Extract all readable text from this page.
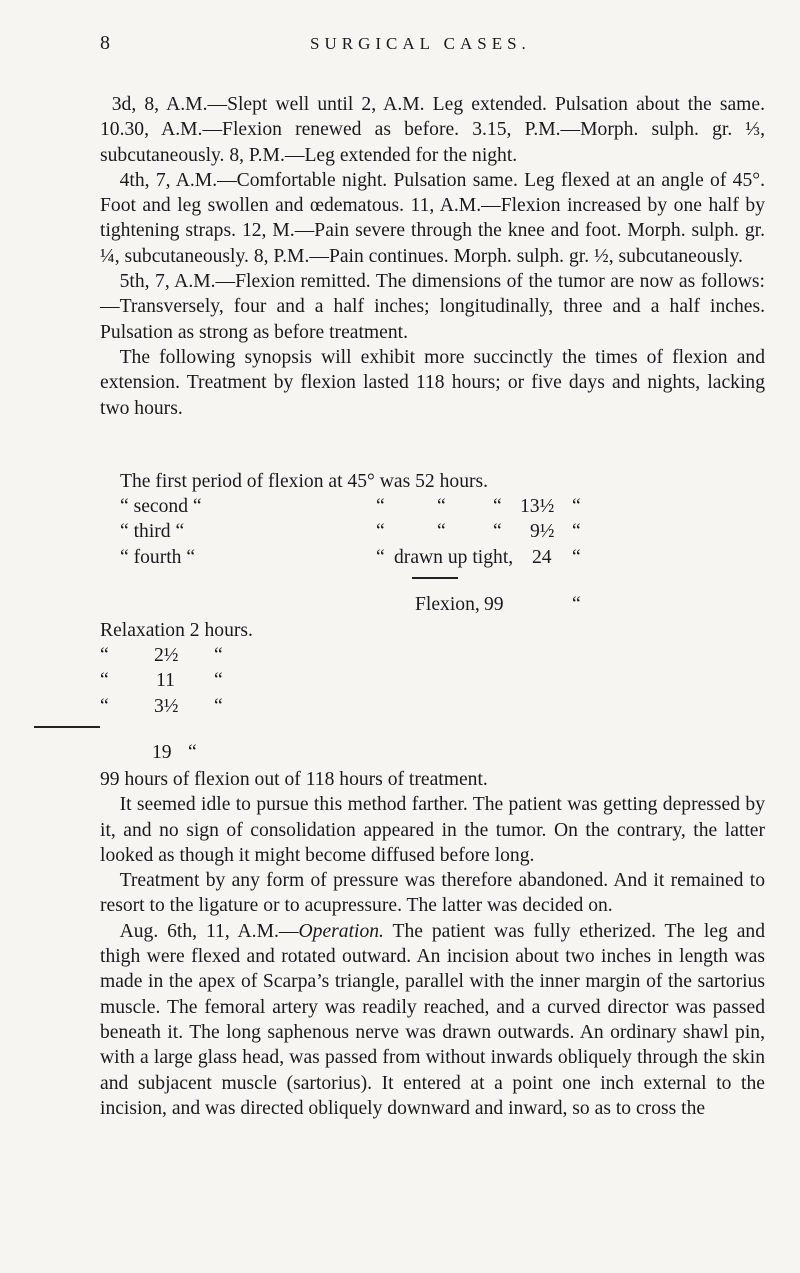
8	SURGICAL CASES.

3d, 8, A.M.—Slept well until 2, A.M. Leg extended. Pulsation about the same. 10.30, A.M.—Flexion renewed as before. 3.15, P.M.—Morph. sulph. gr. ⅓, subcutaneously. 8, P.M.—Leg extended for the night.

4th, 7, A.M.—Comfortable night. Pulsation same. Leg flexed at an angle of 45°. Foot and leg swollen and œdematous. 11, A.M.—Flexion increased by one half by tightening straps. 12, M.—Pain severe through the knee and foot. Morph. sulph. gr. ¼, subcutaneously. 8, P.M.—Pain continues. Morph. sulph. gr. ½, subcutaneously.

5th, 7, A.M.—Flexion remitted. The dimensions of the tumor are now as follows:—Transversely, four and a half inches; longitudinally, three and a half inches. Pulsation as strong as before treatment.

The following synopsis will exhibit more succinctly the times of flexion and extension. Treatment by flexion lasted 118 hours; or five days and nights, lacking two hours.

The first period of flexion at 45° was 52 hours.
“ second “	“	“ “ 13½ “
“ third “	“	“ “ 9½ “
“ fourth “	“ drawn up tight, 24 “
Flexion, 99	“
Relaxation 2 hours.
“ 2½ “
“ 11 “
“ 3½ “
19 “

99 hours of flexion out of 118 hours of treatment.

It seemed idle to pursue this method farther. The patient was getting depressed by it, and no sign of consolidation appeared in the tumor. On the contrary, the latter looked as though it might become diffused before long.

Treatment by any form of pressure was therefore abandoned. And it remained to resort to the ligature or to acupressure. The latter was decided on.

Aug. 6th, 11, A.M.—Operation. The patient was fully etherized. The leg and thigh were flexed and rotated outward. An incision about two inches in length was made in the apex of Scarpa’s triangle, parallel with the inner margin of the sartorius muscle. The femoral artery was readily reached, and a curved director was passed beneath it. The long saphenous nerve was drawn outwards. An ordinary shawl pin, with a large glass head, was passed from without inwards obliquely through the skin and subjacent muscle (sartorius). It entered at a point one inch external to the incision, and was directed obliquely downward and inward, so as to cross the
